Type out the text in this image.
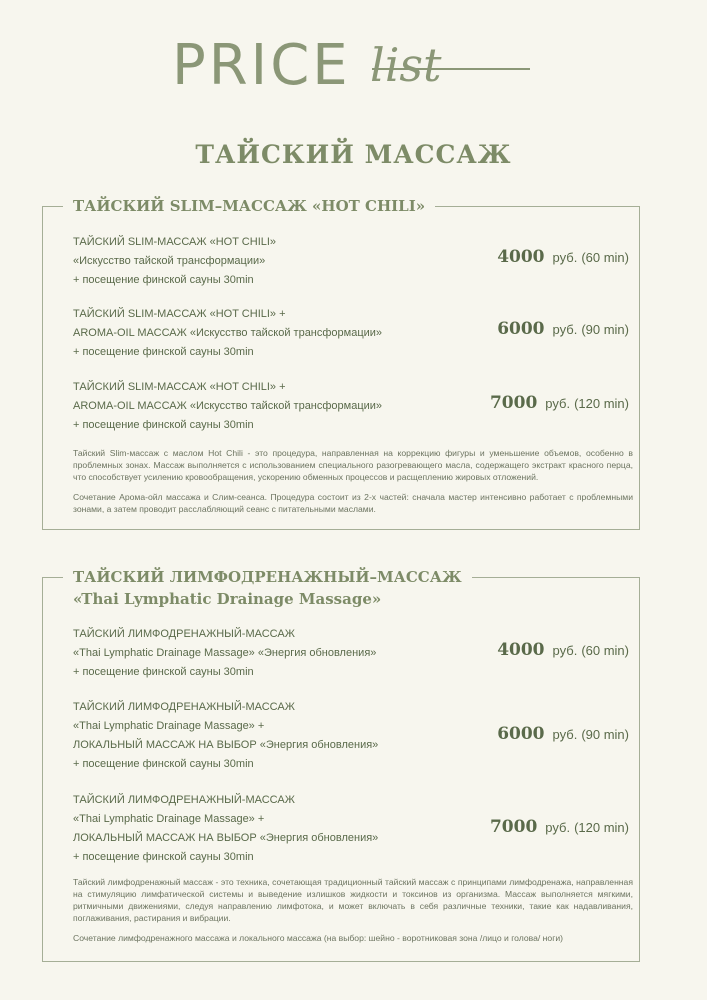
PRICE list
ТАЙСКИЙ МАССАЖ
ТАЙСКИЙ SLIM–МАССАЖ «HOT CHILI»
ТАЙСКИЙ SLIM-МАССАЖ «HOT CHILI»
«Искусство тайской трансформации»
+ посещение финской сауны 30min
4000 руб. (60 min)
ТАЙСКИЙ SLIM-МАССАЖ «HOT CHILI» +
AROMA-OIL МАССАЖ «Искусство тайской трансформации»
+ посещение финской сауны 30min
6000 руб. (90 min)
ТАЙСКИЙ SLIM-МАССАЖ «HOT CHILI» +
AROMA-OIL МАССАЖ «Искусство тайской трансформации»
+ посещение финской сауны 30min
7000 руб. (120 min)

Тайский Slim-массаж с маслом Hot Chili - это процедура, направленная на коррекцию фигуры и уменьшение объемов, особенно в проблемных зонах. Массаж выполняется с использованием специального разогревающего масла, содержащего экстракт красного перца, что способствует усилению кровообращения, ускорению обменных процессов и расщеплению жировых отложений.

Сочетание Арома-ойл массажа и Слим-сеанса. Процедура состоит из 2-х частей: сначала мастер интенсивно работает с проблемными зонами, а затем проводит расслабляющий сеанс с питательными маслами.

ТАЙСКИЙ ЛИМФОДРЕНАЖНЫЙ–МАССАЖ
«Thai Lymphatic Drainage Massage»
ТАЙСКИЙ ЛИМФОДРЕНАЖНЫЙ-МАССАЖ
«Thai Lymphatic Drainage Massage» «Энергия обновления»
+ посещение финской сауны 30min
4000 руб. (60 min)
ТАЙСКИЙ ЛИМФОДРЕНАЖНЫЙ-МАССАЖ
«Thai Lymphatic Drainage Massage» +
ЛОКАЛЬНЫЙ МАССАЖ НА ВЫБОР «Энергия обновления»
+ посещение финской сауны 30min
6000 руб. (90 min)
ТАЙСКИЙ ЛИМФОДРЕНАЖНЫЙ-МАССАЖ
«Thai Lymphatic Drainage Massage» +
ЛОКАЛЬНЫЙ МАССАЖ НА ВЫБОР «Энергия обновления»
+ посещение финской сауны 30min
7000 руб. (120 min)

Тайский лимфодренажный массаж - это техника, сочетающая традиционный тайский массаж с принципами лимфодренажа, направленная на стимуляцию лимфатической системы и выведение излишков жидкости и токсинов из организма. Массаж выполняется мягкими, ритмичными движениями, следуя направлению лимфотока, и может включать в себя различные техники, такие как надавливания, поглаживания, растирания и вибрации.

Сочетание лимфодренажного массажа и локального массажа (на выбор: шейно - воротниковая зона /лицо и голова/ ноги)
